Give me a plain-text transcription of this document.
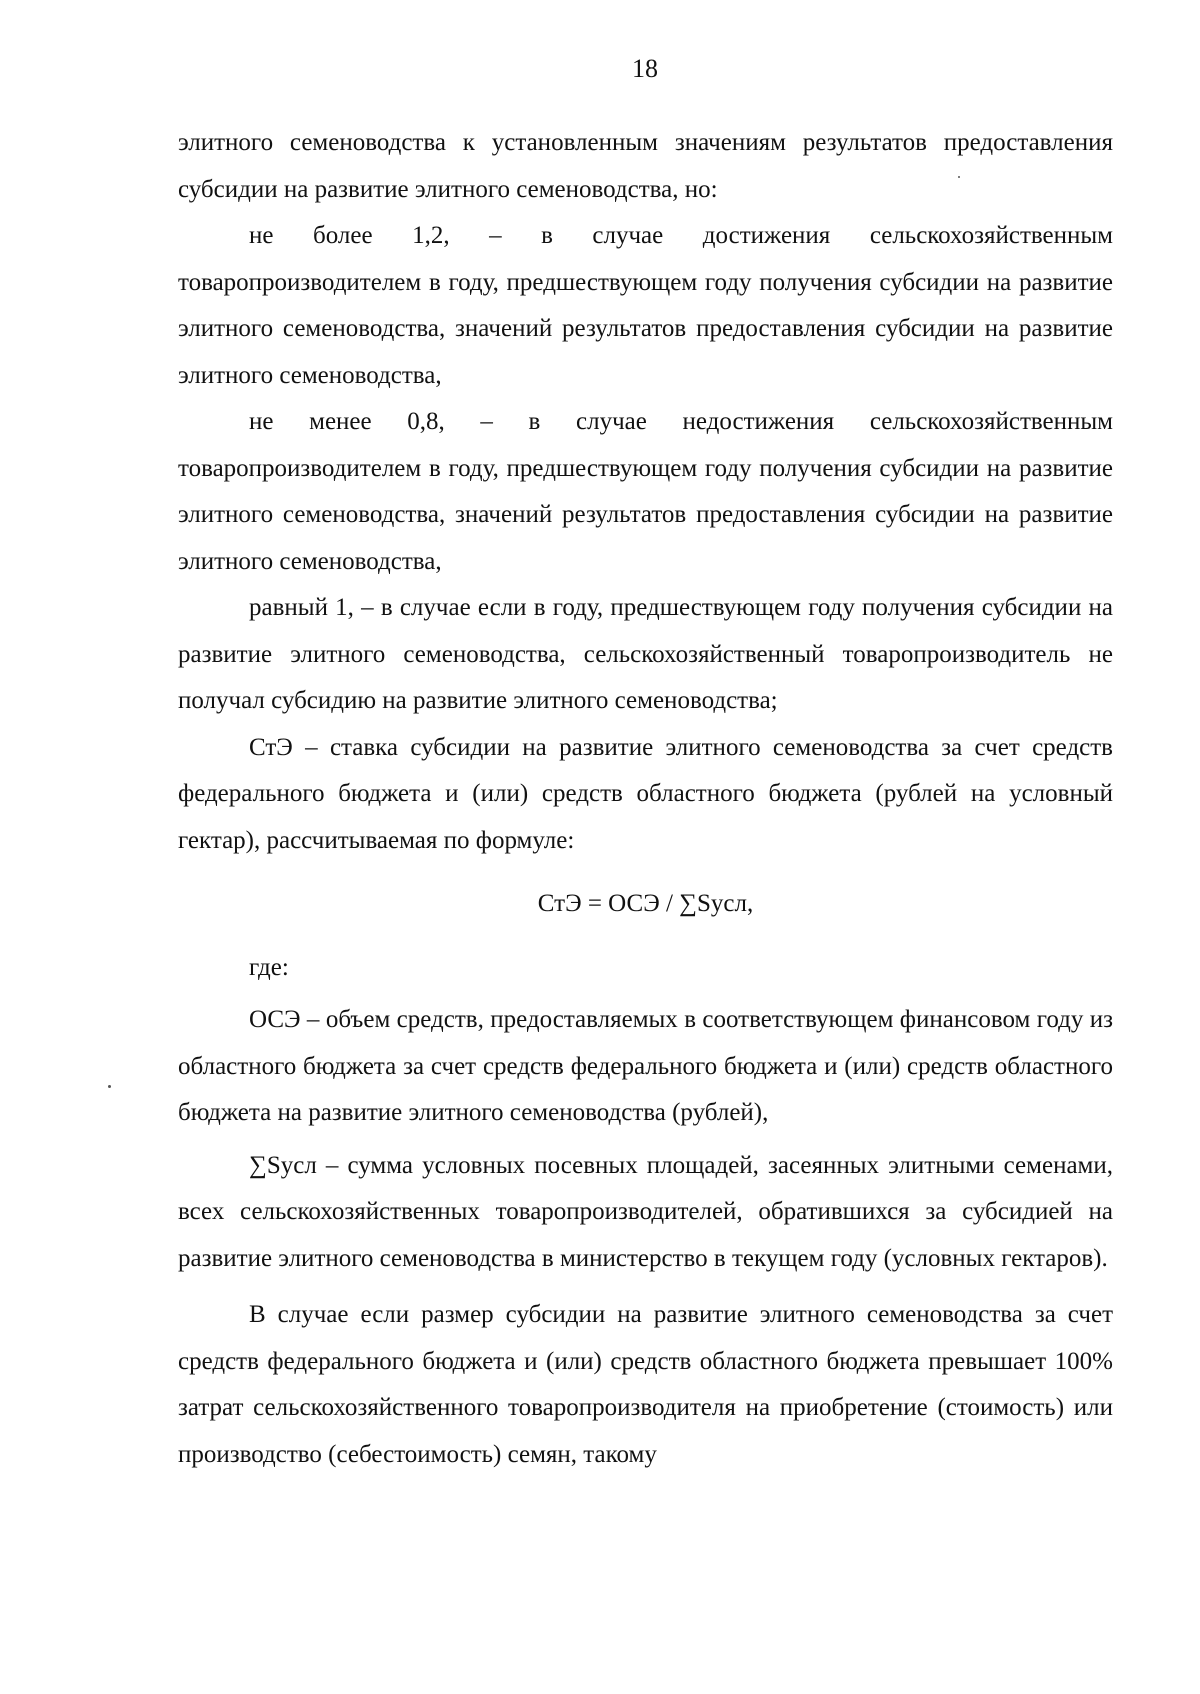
18

элитного семеноводства к установленным значениям результатов предоставления субсидии на развитие элитного семеноводства, но:

не более 1,2, – в случае достижения сельскохозяйственным товаропроизводителем в году, предшествующем году получения субсидии на развитие элитного семеноводства, значений результатов предоставления субсидии на развитие элитного семеноводства,

не менее 0,8, – в случае недостижения сельскохозяйственным товаропроизводителем в году, предшествующем году получения субсидии на развитие элитного семеноводства, значений результатов предоставления субсидии на развитие элитного семеноводства,

равный 1, – в случае если в году, предшествующем году получения субсидии на развитие элитного семеноводства, сельскохозяйственный товаропроизводитель не получал субсидию на развитие элитного семеноводства;

СтЭ – ставка субсидии на развитие элитного семеноводства за счет средств федерального бюджета и (или) средств областного бюджета (рублей на условный гектар), рассчитываемая по формуле:

СтЭ = ОСЭ / ∑Sусл,

где:

ОСЭ – объем средств, предоставляемых в соответствующем финансовом году из областного бюджета за счет средств федерального бюджета и (или) средств областного бюджета на развитие элитного семеноводства (рублей),

∑Sусл – сумма условных посевных площадей, засеянных элитными семенами, всех сельскохозяйственных товаропроизводителей, обратившихся за субсидией на развитие элитного семеноводства в министерство в текущем году (условных гектаров).

В случае если размер субсидии на развитие элитного семеноводства за счет средств федерального бюджета и (или) средств областного бюджета превышает 100% затрат сельскохозяйственного товаропроизводителя на приобретение (стоимость) или производство (себестоимость) семян, такому
